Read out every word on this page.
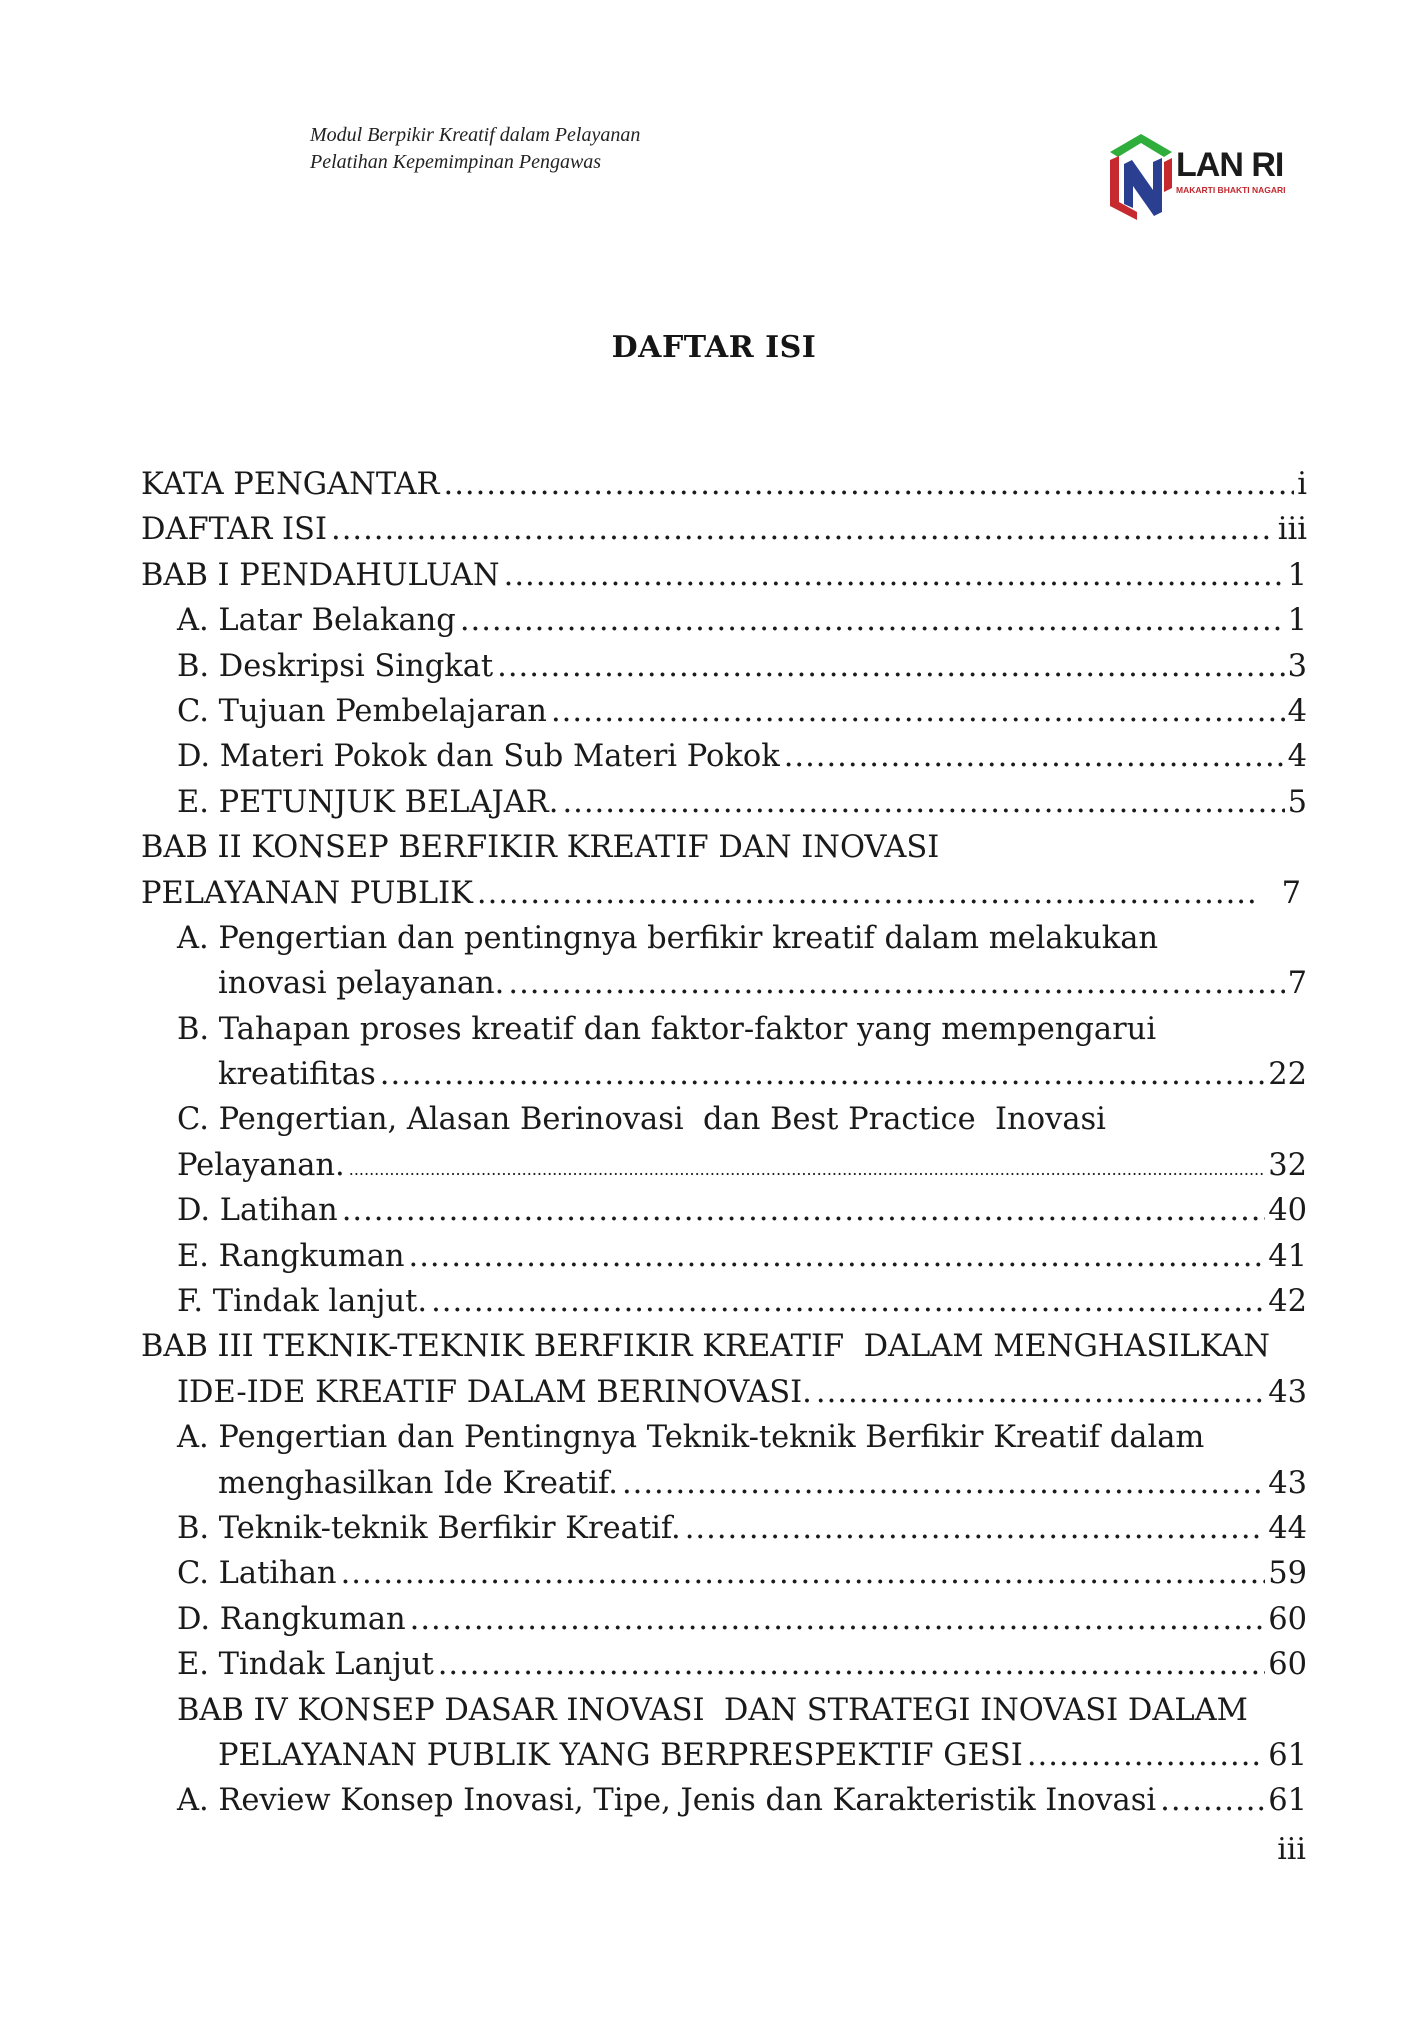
Modul Berpikir Kreatif dalam Pelayanan
Pelatihan Kepemimpinan Pengawas	LAN RI
MAKARTI BHAKTI NAGARI
DAFTAR ISI
KATA PENGANTAR .....	i
DAFTAR ISI .....	iii
BAB I PENDAHULUAN .....	1
A. Latar Belakang .....	1
B. Deskripsi Singkat .....	3
C. Tujuan Pembelajaran .....	4
D. Materi Pokok dan Sub Materi Pokok .....	4
E. PETUNJUK BELAJAR. .....	5
BAB II KONSEP BERFIKIR KREATIF DAN INOVASI
PELAYANAN PUBLIK .....	7
A. Pengertian dan pentingnya berfikir kreatif dalam melakukan
inovasi pelayanan. .....	7
B. Tahapan proses kreatif dan faktor-faktor yang mempengarui
kreatifitas .....	22
C. Pengertian, Alasan Berinovasi  dan Best Practice  Inovasi
Pelayanan. .....	32
D. Latihan .....	40
E. Rangkuman .....	41
F. Tindak lanjut. .....	42
BAB III TEKNIK-TEKNIK BERFIKIR KREATIF  DALAM MENGHASILKAN
IDE-IDE KREATIF DALAM BERINOVASI. .....	43
A. Pengertian dan Pentingnya Teknik-teknik Berfikir Kreatif dalam
menghasilkan Ide Kreatif. .....	43
B. Teknik-teknik Berfikir Kreatif. .....	44
C. Latihan .....	59
D. Rangkuman .....	60
E. Tindak Lanjut .....	60
BAB IV KONSEP DASAR INOVASI  DAN STRATEGI INOVASI DALAM
PELAYANAN PUBLIK YANG BERPRESPEKTIF GESI .....	61
A. Review Konsep Inovasi, Tipe, Jenis dan Karakteristik Inovasi .....	61
iii
